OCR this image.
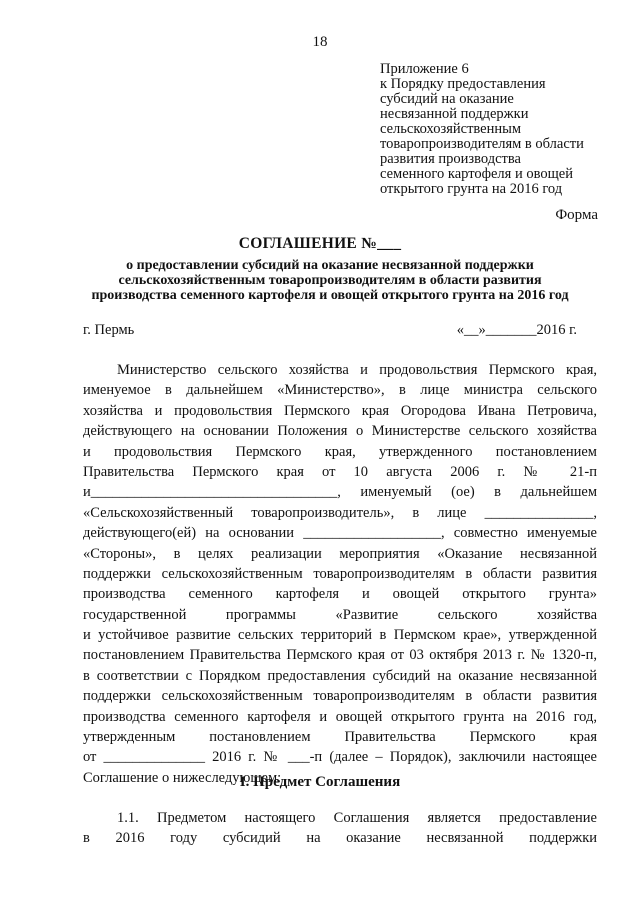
18
Приложение 6
к Порядку предоставления
субсидий на оказание
несвязанной поддержки
сельскохозяйственным
товаропроизводителям в области
развития производства
семенного картофеля и овощей
открытого грунта на 2016 год
Форма
СОГЛАШЕНИЕ №___
о предоставлении субсидий на оказание несвязанной поддержки
сельскохозяйственным товаропроизводителям в области развития
производства семенного картофеля и овощей открытого грунта на 2016 год
г. Пермь	«__»_______2016 г.
Министерство сельского хозяйства и продовольствия Пермского края,
именуемое в дальнейшем «Министерство», в лице министра сельского
хозяйства и продовольствия Пермского края Огородова Ивана Петровича,
действующего на основании Положения о Министерстве сельского хозяйства
и продовольствия Пермского края, утвержденного постановлением
Правительства Пермского края от 10 августа 2006 г. № 21-п
и__________________________________, именуемый (ое) в дальнейшем
«Сельскохозяйственный товаропроизводитель», в лице _______________,
действующего(ей) на основании ___________________, совместно именуемые
«Стороны», в целях реализации мероприятия «Оказание несвязанной
поддержки сельскохозяйственным товаропроизводителям в области развития
производства семенного картофеля и овощей открытого грунта»
государственной программы «Развитие сельского хозяйства
и устойчивое развитие сельских территорий в Пермском крае», утвержденной
постановлением Правительства Пермского края от 03 октября 2013 г. № 1320-п,
в соответствии с Порядком предоставления субсидий на оказание несвязанной
поддержки сельскохозяйственным товаропроизводителям в области развития
производства семенного картофеля и овощей открытого грунта на 2016 год,
утвержденным постановлением Правительства Пермского края
от ______________ 2016 г. № ___-п (далее – Порядок), заключили настоящее
Соглашение о нижеследующем:
I. Предмет Соглашения
1.1. Предметом настоящего Соглашения является предоставление
в 2016 году субсидий на оказание несвязанной поддержки
